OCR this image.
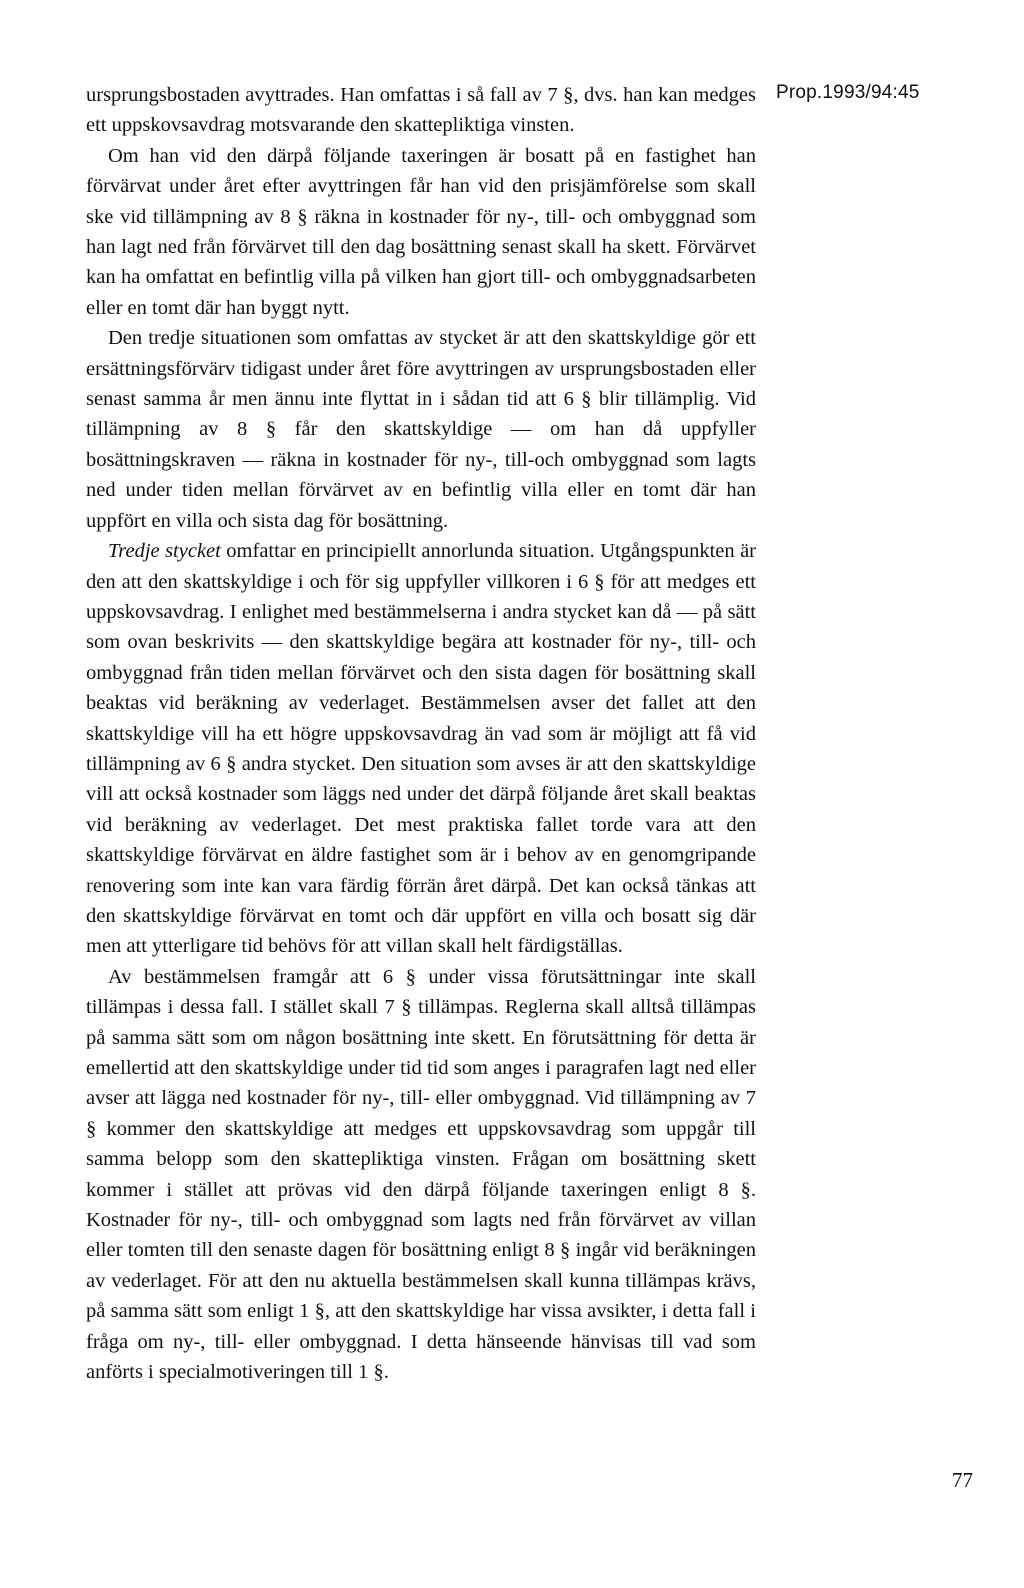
Prop.1993/94:45

ursprungsbostaden avyttrades. Han omfattas i så fall av 7 §, dvs. han kan medges ett uppskovsavdrag motsvarande den skattepliktiga vinsten.

Om han vid den därpå följande taxeringen är bosatt på en fastighet han förvärvat under året efter avyttringen får han vid den prisjämförelse som skall ske vid tillämpning av 8 § räkna in kostnader för ny-, till- och ombyggnad som han lagt ned från förvärvet till den dag bosättning senast skall ha skett. Förvärvet kan ha omfattat en befintlig villa på vilken han gjort till- och ombyggnadsarbeten eller en tomt där han byggt nytt.

Den tredje situationen som omfattas av stycket är att den skattskyldige gör ett ersättningsförvärv tidigast under året före avyttringen av ursprungsbostaden eller senast samma år men ännu inte flyttat in i sådan tid att 6 § blir tillämplig. Vid tillämpning av 8 § får den skattskyldige — om han då uppfyller bosättningskraven — räkna in kostnader för ny-, till-och ombyggnad som lagts ned under tiden mellan förvärvet av en befintlig villa eller en tomt där han uppfört en villa och sista dag för bosättning.

Tredje stycket omfattar en principiellt annorlunda situation. Utgångspunkten är den att den skattskyldige i och för sig uppfyller villkoren i 6 § för att medges ett uppskovsavdrag. I enlighet med bestämmelserna i andra stycket kan då — på sätt som ovan beskrivits — den skattskyldige begära att kostnader för ny-, till- och ombyggnad från tiden mellan förvärvet och den sista dagen för bosättning skall beaktas vid beräkning av vederlaget. Bestämmelsen avser det fallet att den skattskyldige vill ha ett högre uppskovsavdrag än vad som är möjligt att få vid tillämpning av 6 § andra stycket. Den situation som avses är att den skattskyldige vill att också kostnader som läggs ned under det därpå följande året skall beaktas vid beräkning av vederlaget. Det mest praktiska fallet torde vara att den skattskyldige förvärvat en äldre fastighet som är i behov av en genomgripande renovering som inte kan vara färdig förrän året därpå. Det kan också tänkas att den skattskyldige förvärvat en tomt och där uppfört en villa och bosatt sig där men att ytterligare tid behövs för att villan skall helt färdigställas.

Av bestämmelsen framgår att 6 § under vissa förutsättningar inte skall tillämpas i dessa fall. I stället skall 7 § tillämpas. Reglerna skall alltså tillämpas på samma sätt som om någon bosättning inte skett. En förutsättning för detta är emellertid att den skattskyldige under tid tid som anges i paragrafen lagt ned eller avser att lägga ned kostnader för ny-, till- eller ombyggnad. Vid tillämpning av 7 § kommer den skattskyldige att medges ett uppskovsavdrag som uppgår till samma belopp som den skattepliktiga vinsten. Frågan om bosättning skett kommer i stället att prövas vid den därpå följande taxeringen enligt 8 §. Kostnader för ny-, till- och ombyggnad som lagts ned från förvärvet av villan eller tomten till den senaste dagen för bosättning enligt 8 § ingår vid beräkningen av vederlaget. För att den nu aktuella bestämmelsen skall kunna tillämpas krävs, på samma sätt som enligt 1 §, att den skattskyldige har vissa avsikter, i detta fall i fråga om ny-, till- eller ombyggnad. I detta hänseende hänvisas till vad som anförts i specialmotiveringen till 1 §.

77
